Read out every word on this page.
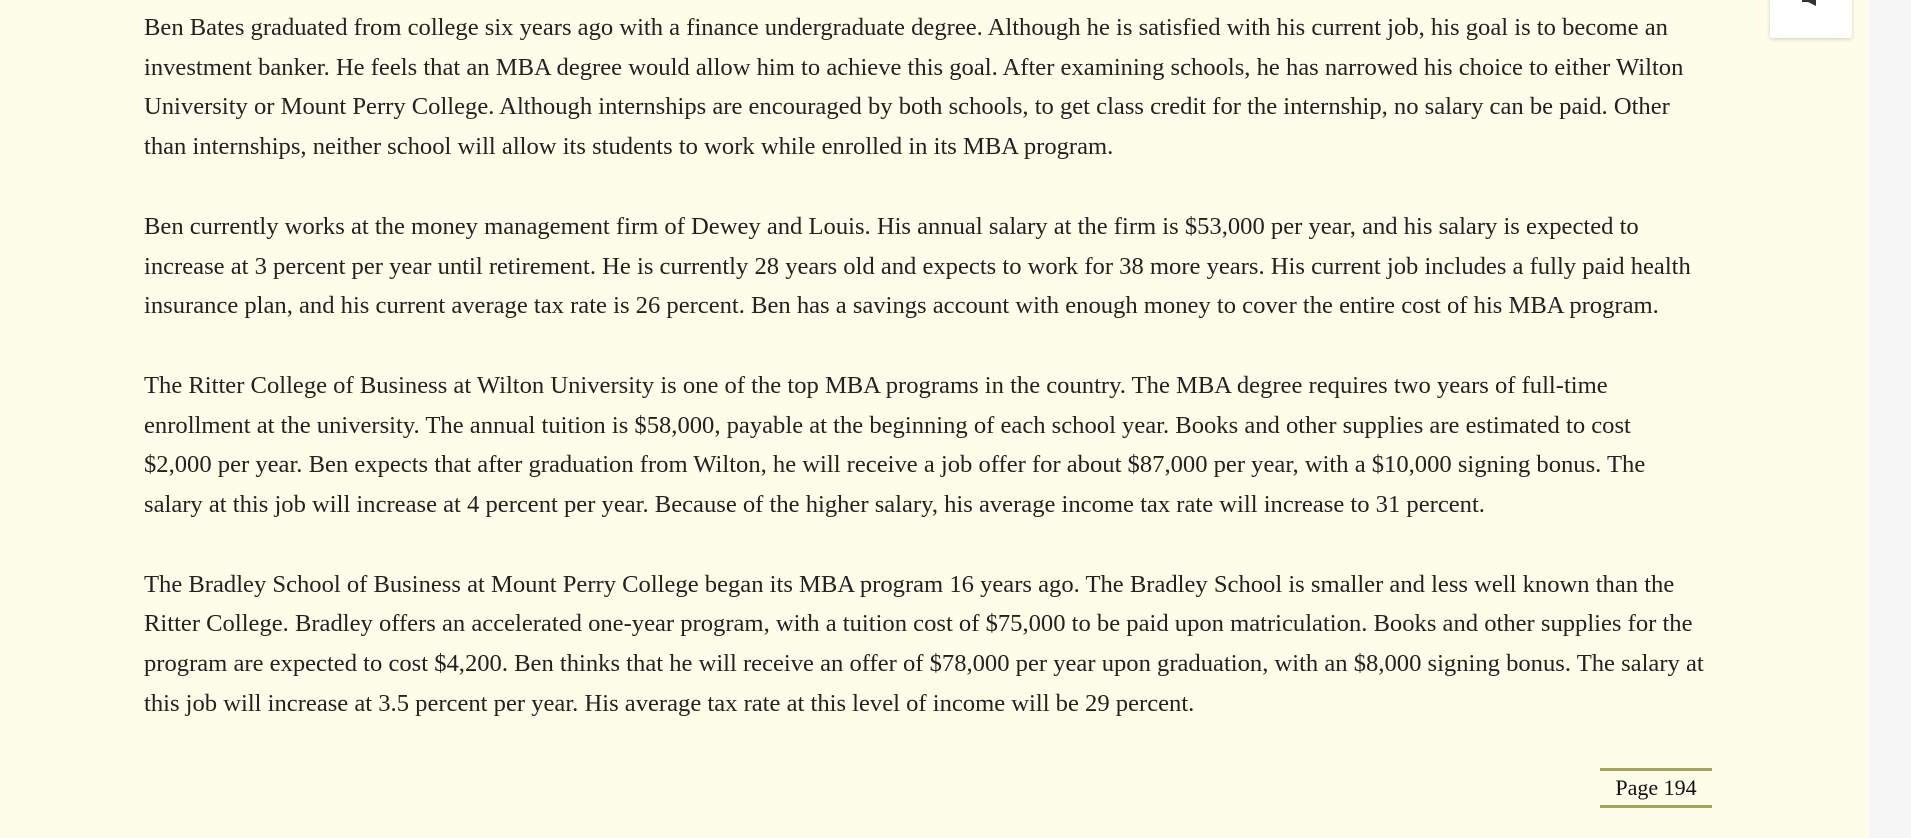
Ben Bates graduated from college six years ago with a finance undergraduate degree. Although he is satisfied with his current job, his goal is to become an investment banker. He feels that an MBA degree would allow him to achieve this goal. After examining schools, he has narrowed his choice to either Wilton University or Mount Perry College. Although internships are encouraged by both schools, to get class credit for the internship, no salary can be paid. Other than internships, neither school will allow its students to work while enrolled in its MBA program.

Ben currently works at the money management firm of Dewey and Louis. His annual salary at the firm is $53,000 per year, and his salary is expected to increase at 3 percent per year until retirement. He is currently 28 years old and expects to work for 38 more years. His current job includes a fully paid health insurance plan, and his current average tax rate is 26 percent. Ben has a savings account with enough money to cover the entire cost of his MBA program.

The Ritter College of Business at Wilton University is one of the top MBA programs in the country. The MBA degree requires two years of full-time enrollment at the university. The annual tuition is $58,000, payable at the beginning of each school year. Books and other supplies are estimated to cost $2,000 per year. Ben expects that after graduation from Wilton, he will receive a job offer for about $87,000 per year, with a $10,000 signing bonus. The salary at this job will increase at 4 percent per year. Because of the higher salary, his average income tax rate will increase to 31 percent.

The Bradley School of Business at Mount Perry College began its MBA program 16 years ago. The Bradley School is smaller and less well known than the Ritter College. Bradley offers an accelerated one-year program, with a tuition cost of $75,000 to be paid upon matriculation. Books and other supplies for the program are expected to cost $4,200. Ben thinks that he will receive an offer of $78,000 per year upon graduation, with an $8,000 signing bonus. The salary at this job will increase at 3.5 percent per year. His average tax rate at this level of income will be 29 percent.

Page 194
